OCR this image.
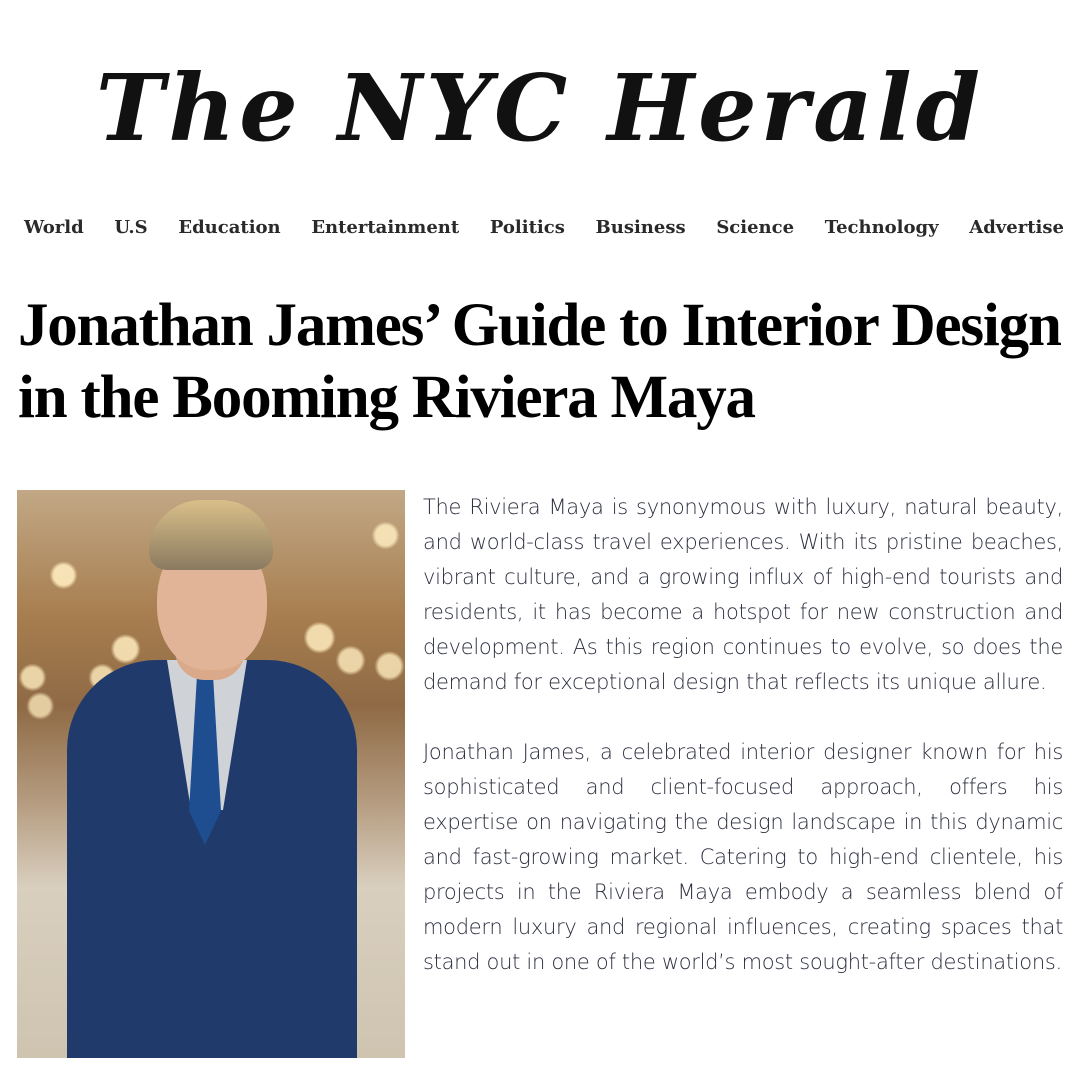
The NYC Herald
World U.S Education Entertainment Politics Business Science Technology Advertise
Jonathan James’ Guide to Interior Design in the Booming Riviera Maya

The Riviera Maya is synonymous with luxury, natural beauty, and world-class travel experiences. With its pristine beaches, vibrant culture, and a growing influx of high-end tourists and residents, it has become a hotspot for new construction and development. As this region continues to evolve, so does the demand for exceptional design that reflects its unique allure.

Jonathan James, a celebrated interior designer known for his sophisticated and client-focused approach, offers his expertise on navigating the design landscape in this dynamic and fast-growing market. Catering to high-end clientele, his projects in the Riviera Maya embody a seamless blend of modern luxury and regional influences, creating spaces that stand out in one of the world’s most sought-after destinations.
